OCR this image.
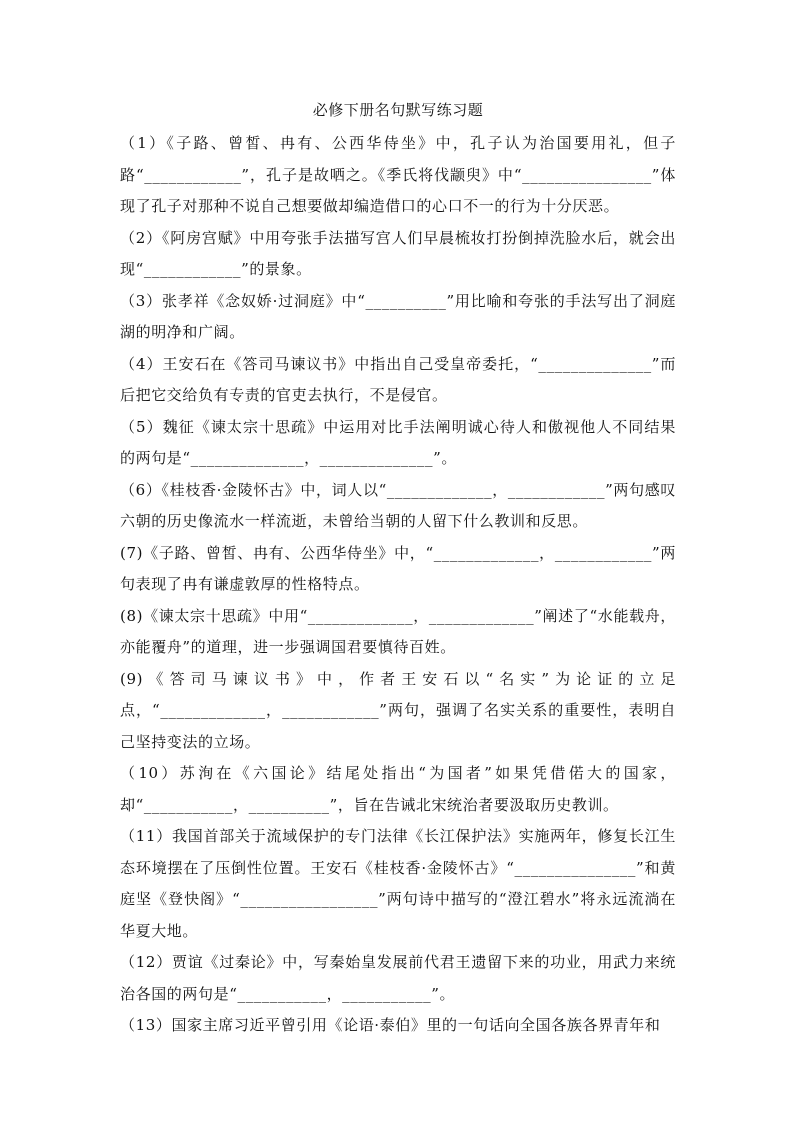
必修下册名句默写练习题

（1）《子路、曾皙、冉有、公西华侍坐》中，孔子认为治国要用礼，但子路“____________”，孔子是故哂之。《季氏将伐颛臾》中“________________”体现了孔子对那种不说自己想要做却编造借口的心口不一的行为十分厌恶。

（2）《阿房宫赋》中用夸张手法描写宫人们早晨梳妆打扮倒掉洗脸水后，就会出现“____________”的景象。

（3）张孝祥《念奴娇·过洞庭》中“__________”用比喻和夸张的手法写出了洞庭湖的明净和广阔。

（4）王安石在《答司马谏议书》中指出自己受皇帝委托，“______________”而后把它交给负有专责的官吏去执行，不是侵官。

（5）魏征《谏太宗十思疏》中运用对比手法阐明诚心待人和傲视他人不同结果的两句是“______________，______________”。

（6）《桂枝香·金陵怀古》中，词人以“_____________，____________”两句感叹六朝的历史像流水一样流逝，未曾给当朝的人留下什么教训和反思。

(7)《子路、曾皙、冉有、公西华侍坐》中，“_____________，____________”两句表现了冉有谦虚敦厚的性格特点。

(8)《谏太宗十思疏》中用“_____________，_____________”阐述了“水能载舟，亦能覆舟”的道理，进一步强调国君要慎待百姓。

(9)《答司马谏议书》中，作者王安石以“名实”为论证的立足点，“_____________，____________”两句，强调了名实关系的重要性，表明自己坚持变法的立场。

（10）苏洵在《六国论》结尾处指出“为国者”如果凭借偌大的国家，却“___________，__________”，旨在告诫北宋统治者要汲取历史教训。

（11）我国首部关于流域保护的专门法律《长江保护法》实施两年，修复长江生态环境摆在了压倒性位置。王安石《桂枝香·金陵怀古》“_______________”和黄庭坚《登快阁》“_________________”两句诗中描写的“澄江碧水”将永远流淌在华夏大地。

（12）贾谊《过秦论》中，写秦始皇发展前代君王遗留下来的功业，用武力来统治各国的两句是“___________，___________”。

（13）国家主席习近平曾引用《论语·泰伯》里的一句话向全国各族各界青年和
